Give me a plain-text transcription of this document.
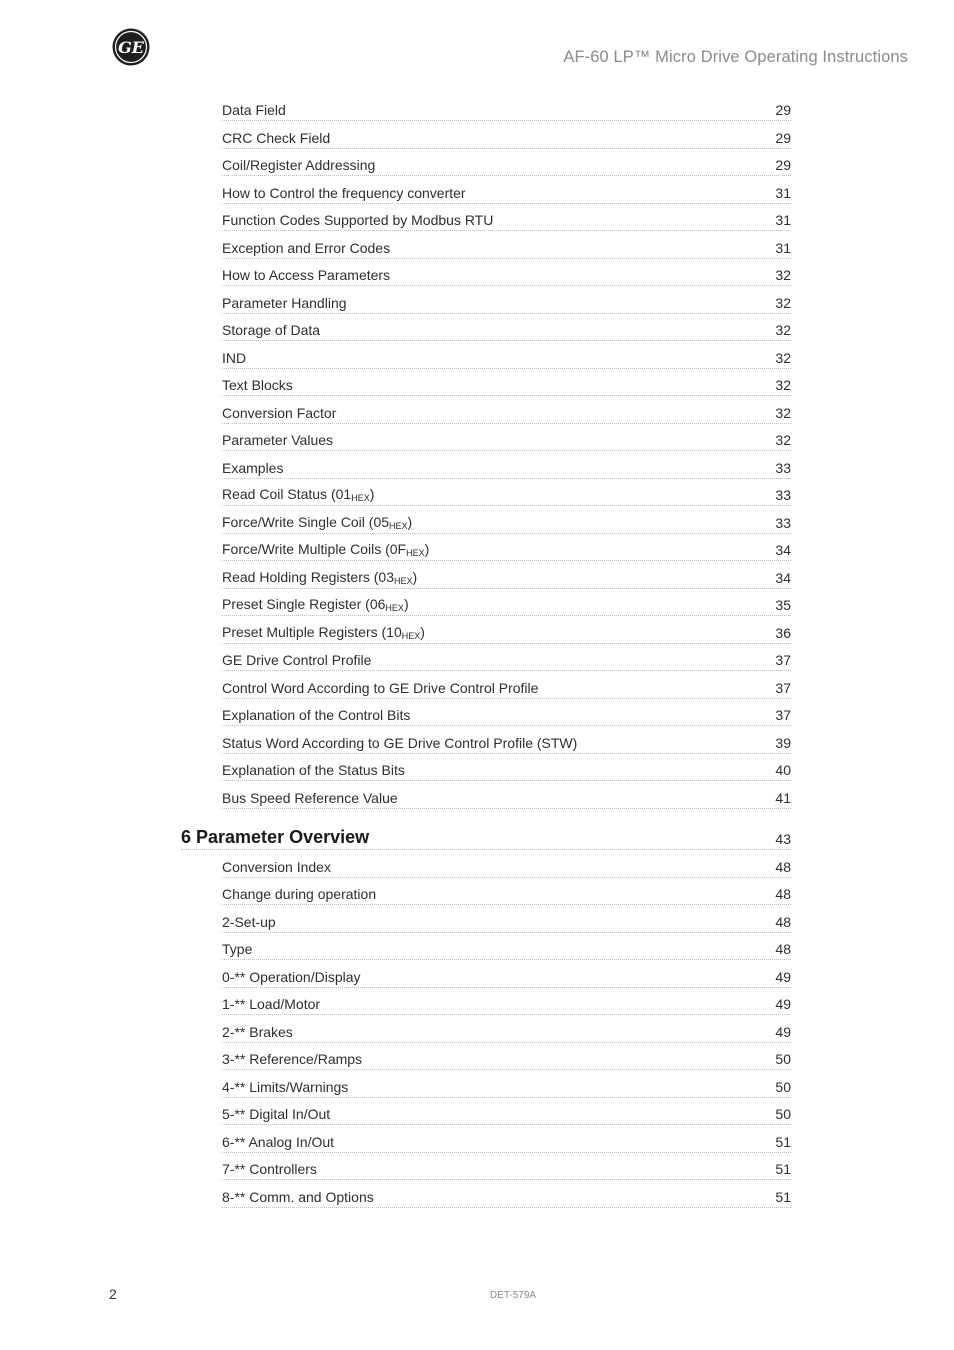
GE	AF-60 LP™ Micro Drive Operating Instructions
Data Field	29
CRC Check Field	29
Coil/Register Addressing	29
How to Control the frequency converter	31
Function Codes Supported by Modbus RTU	31
Exception and Error Codes	31
How to Access Parameters	32
Parameter Handling	32
Storage of Data	32
IND	32
Text Blocks	32
Conversion Factor	32
Parameter Values	32
Examples	33
Read Coil Status $(01_{HEX})$	33
Force/Write Single Coil $(05_{HEX})$	33
Force/Write Multiple Coils $(0F_{HEX})$	34
Read Holding Registers $(03_{HEX})$	34
Preset Single Register $(06_{HEX})$	35
Preset Multiple Registers $(10_{HEX})$	36
GE Drive Control Profile	37
Control Word According to GE Drive Control Profile	37
Explanation of the Control Bits	37
Status Word According to GE Drive Control Profile (STW)	39
Explanation of the Status Bits	40
Bus Speed Reference Value	41
6 Parameter Overview	43
Conversion Index	48
Change during operation	48
2-Set-up	48
Type	48
0-** Operation/Display	49
1-** Load/Motor	49
2-** Brakes	49
3-** Reference/Ramps	50
4-** Limits/Warnings	50
5-** Digital In/Out	50
6-** Analog In/Out	51
7-** Controllers	51
8-** Comm. and Options	51
2	DET-579A
